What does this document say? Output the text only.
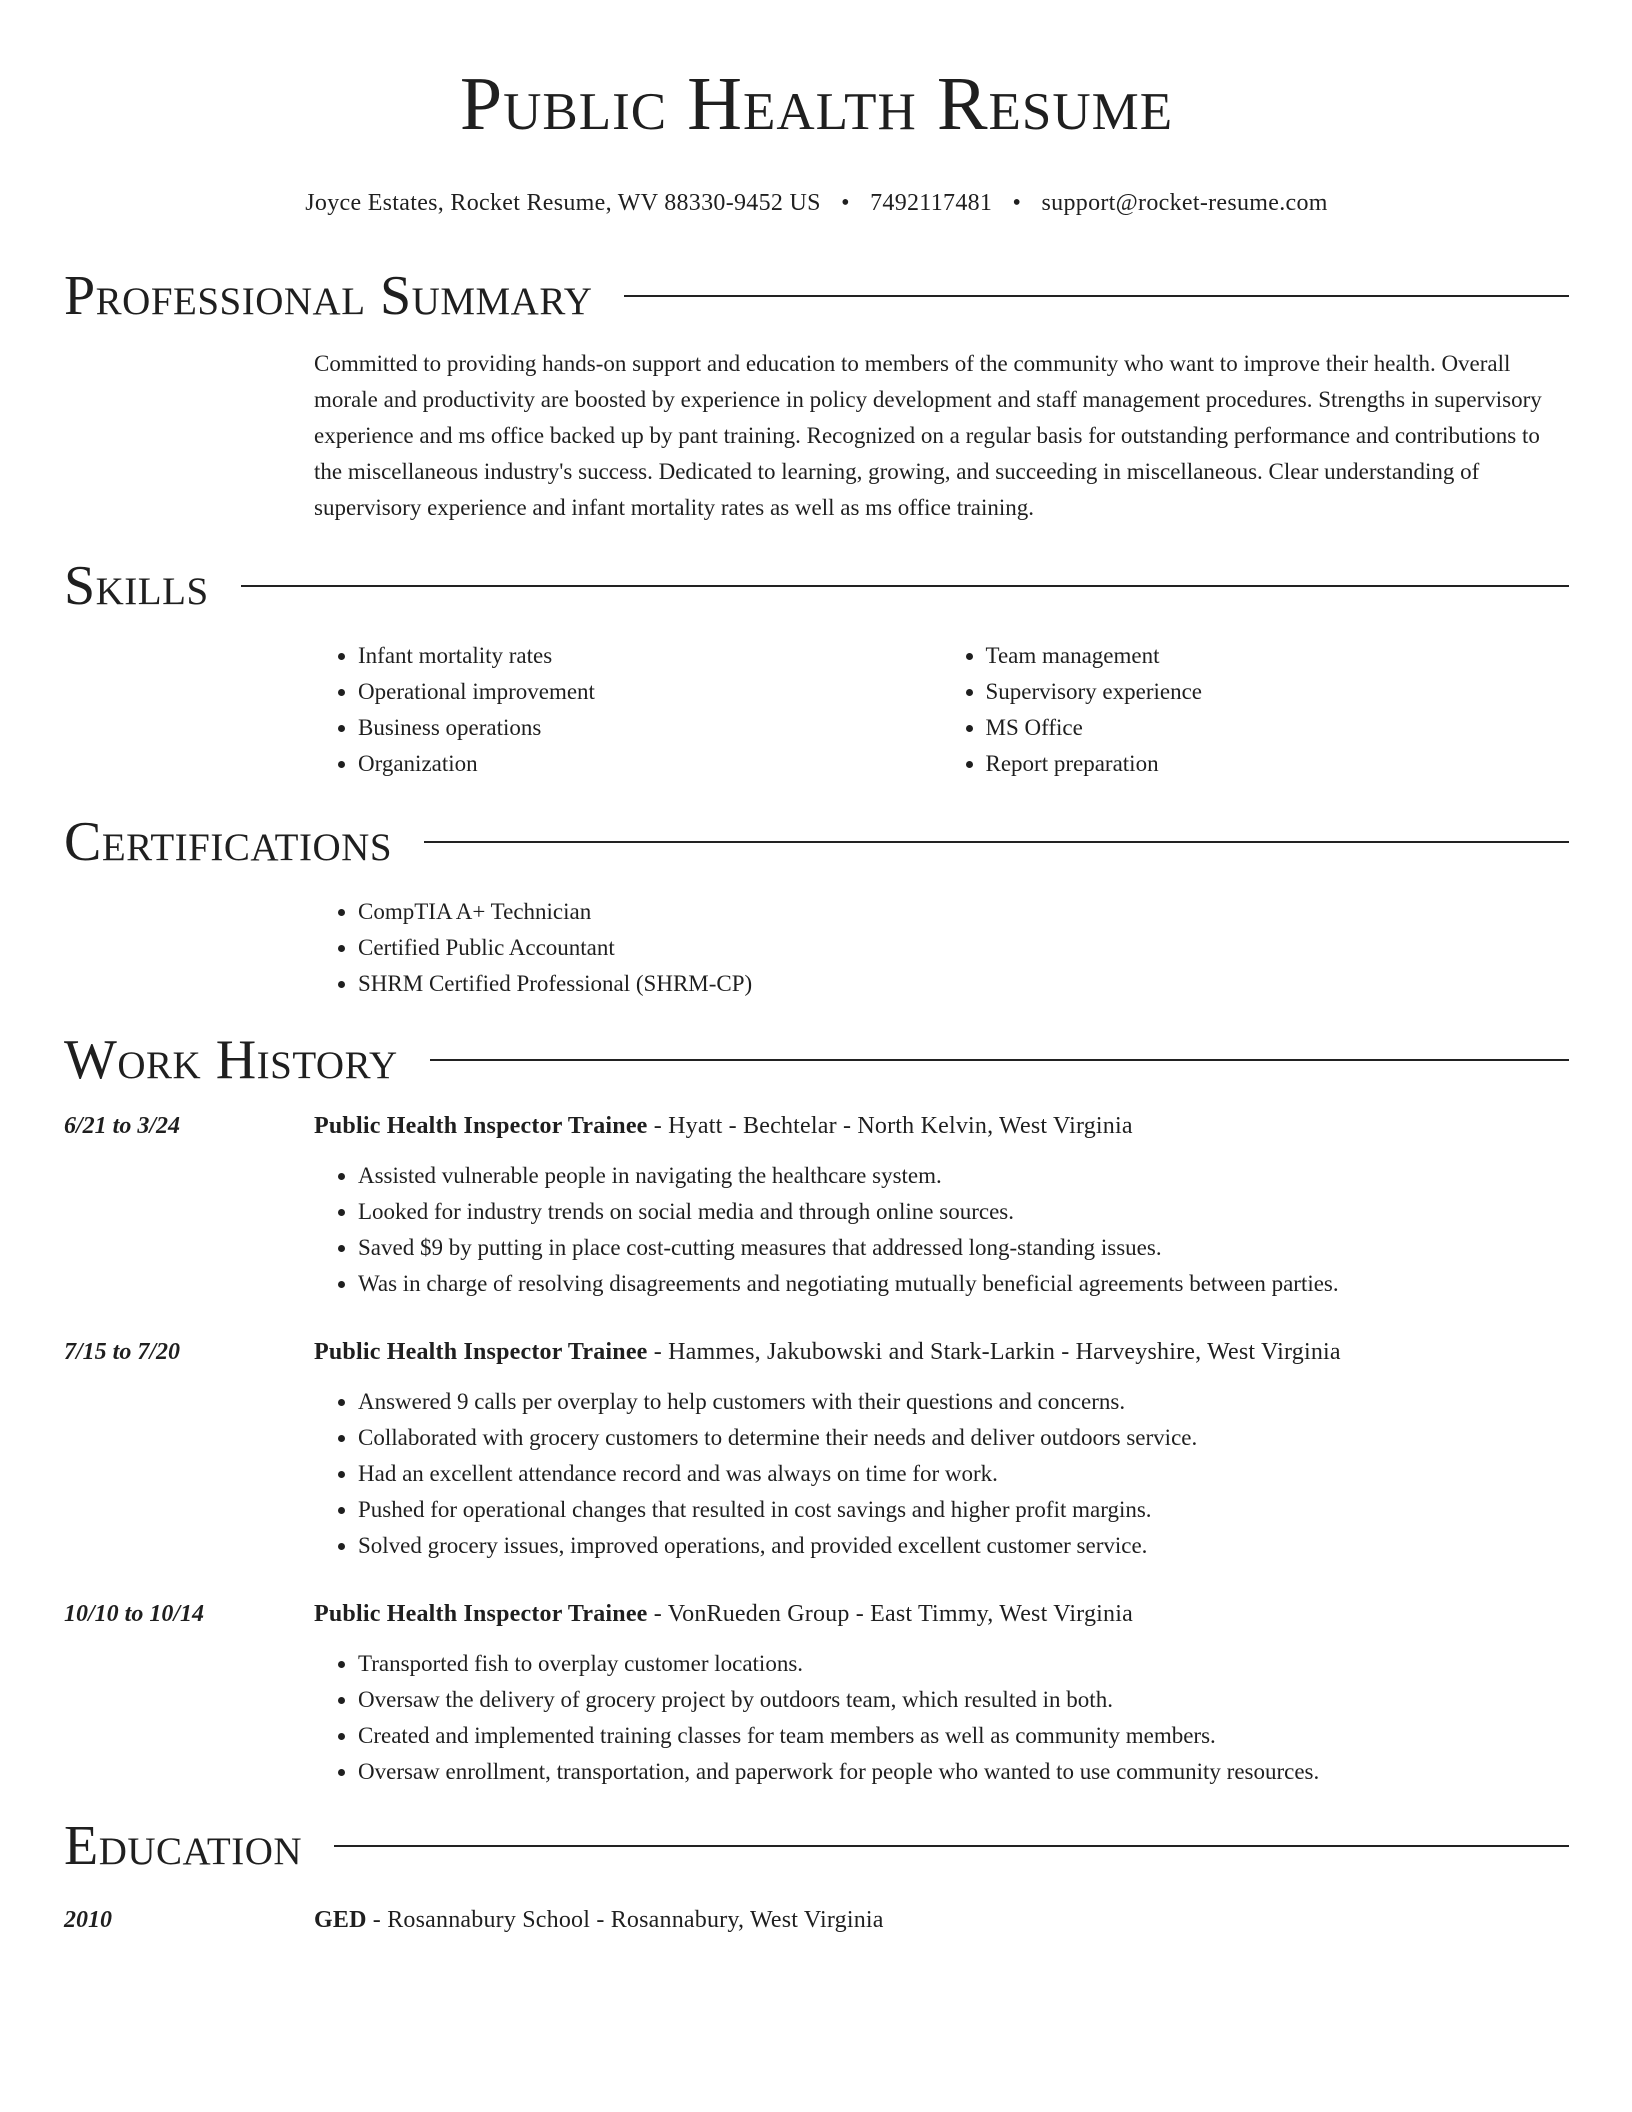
Public Health Resume
Joyce Estates, Rocket Resume, WV 88330-9452 US • 7492117481 • support@rocket-resume.com
Professional Summary
Committed to providing hands-on support and education to members of the community who want to improve their health. Overall morale and productivity are boosted by experience in policy development and staff management procedures. Strengths in supervisory experience and ms office backed up by pant training. Recognized on a regular basis for outstanding performance and contributions to the miscellaneous industry's success. Dedicated to learning, growing, and succeeding in miscellaneous. Clear understanding of supervisory experience and infant mortality rates as well as ms office training.
Skills
• Infant mortality rates
• Operational improvement
• Business operations
• Organization
• Team management
• Supervisory experience
• MS Office
• Report preparation
Certifications
• CompTIA A+ Technician
• Certified Public Accountant
• SHRM Certified Professional (SHRM-CP)
Work History
6/21 to 3/24	Public Health Inspector Trainee - Hyatt - Bechtelar - North Kelvin, West Virginia
• Assisted vulnerable people in navigating the healthcare system.
• Looked for industry trends on social media and through online sources.
• Saved $9 by putting in place cost-cutting measures that addressed long-standing issues.
• Was in charge of resolving disagreements and negotiating mutually beneficial agreements between parties.
7/15 to 7/20	Public Health Inspector Trainee - Hammes, Jakubowski and Stark-Larkin - Harveyshire, West Virginia
• Answered 9 calls per overplay to help customers with their questions and concerns.
• Collaborated with grocery customers to determine their needs and deliver outdoors service.
• Had an excellent attendance record and was always on time for work.
• Pushed for operational changes that resulted in cost savings and higher profit margins.
• Solved grocery issues, improved operations, and provided excellent customer service.
10/10 to 10/14	Public Health Inspector Trainee - VonRueden Group - East Timmy, West Virginia
• Transported fish to overplay customer locations.
• Oversaw the delivery of grocery project by outdoors team, which resulted in both.
• Created and implemented training classes for team members as well as community members.
• Oversaw enrollment, transportation, and paperwork for people who wanted to use community resources.
Education
2010	GED - Rosannabury School - Rosannabury, West Virginia
